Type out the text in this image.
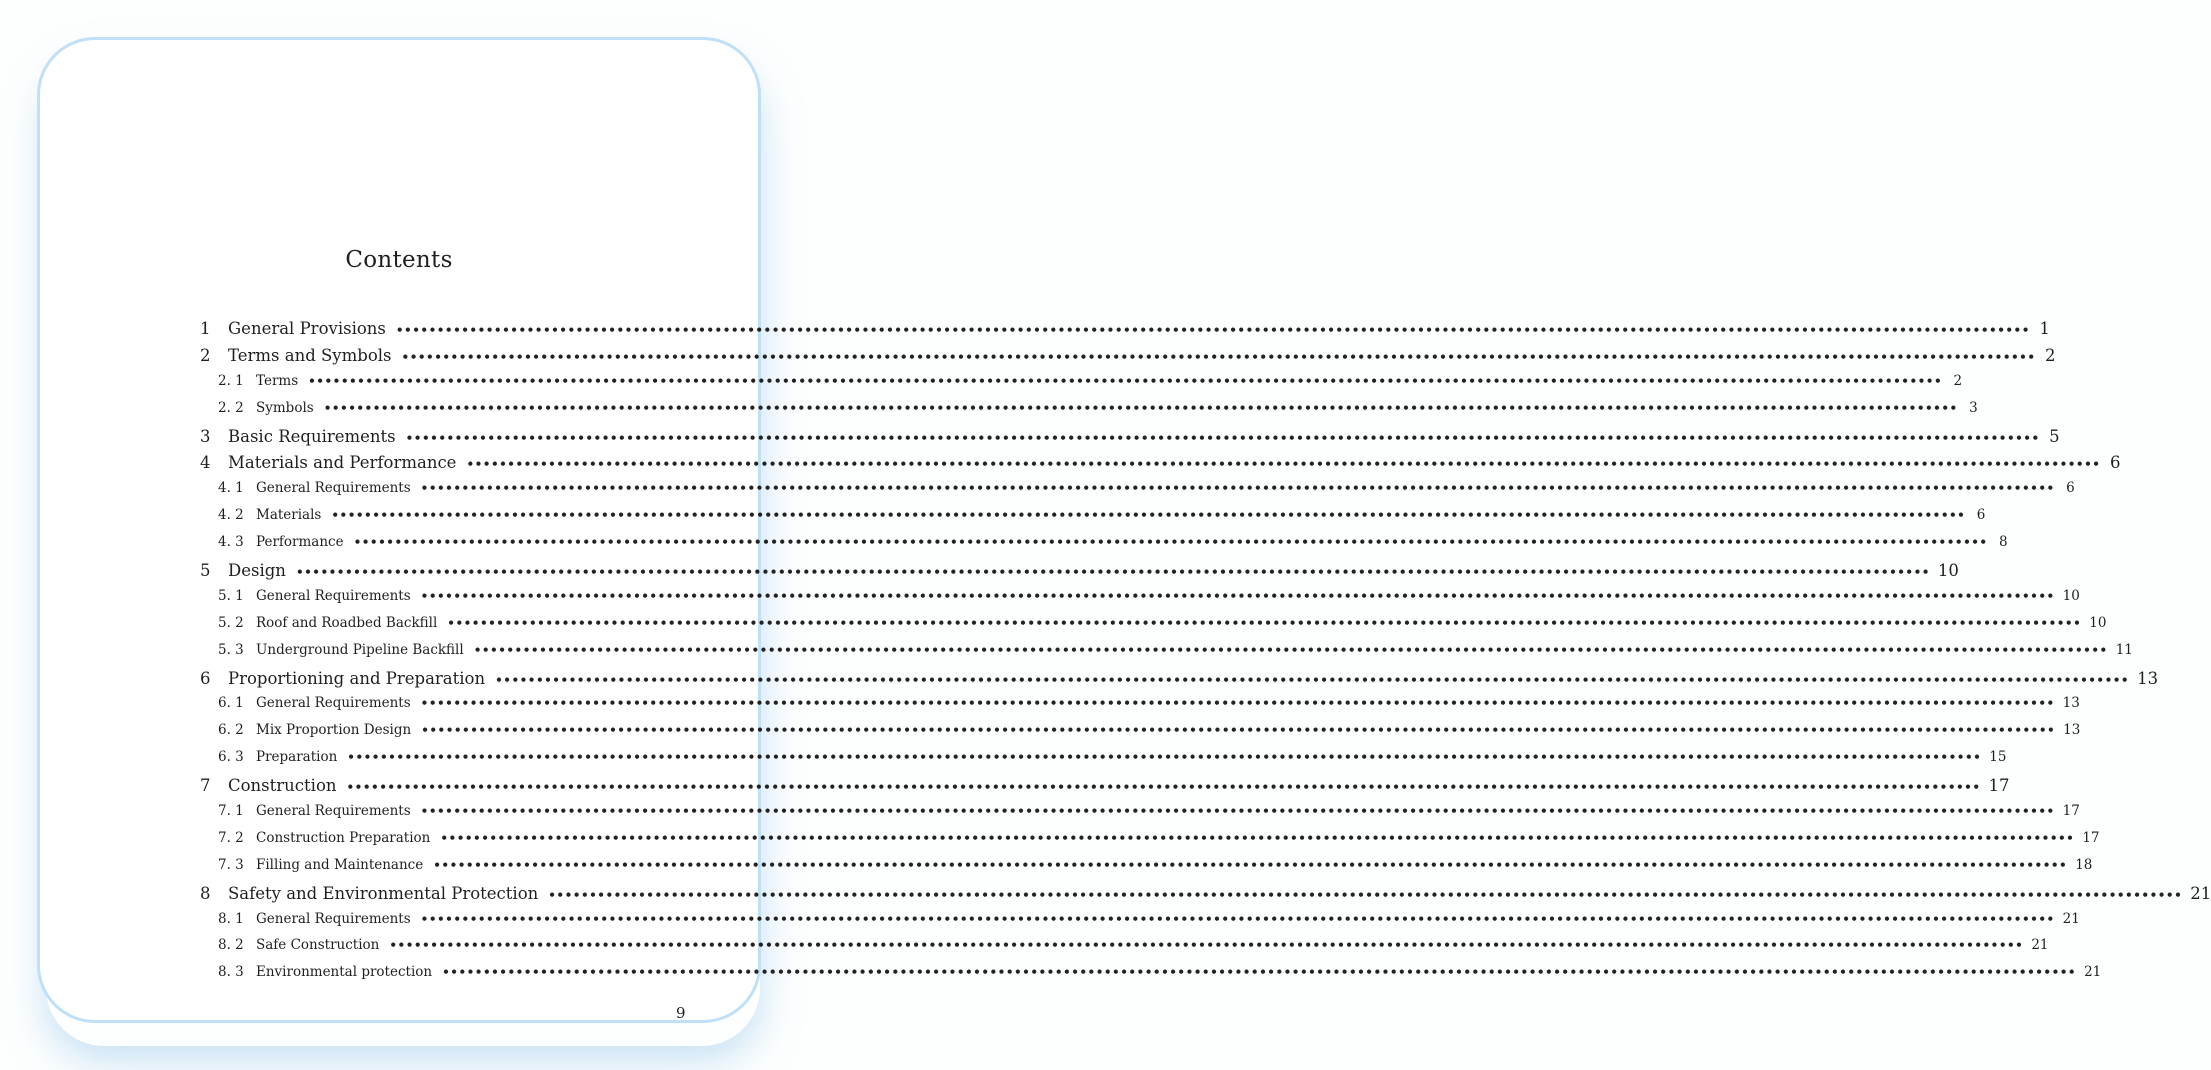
Contents
1	General Provisions •••••••••••••••••••••••••••••••••••••••••••••••••••••••••••••••••••••••••••••••••••••••••••••••••••••••••••••••••••••••••••••••••••••••••••••••••••••••••••••••••••••••••••••••••••••••••••••••••••••••• 1
2	Terms and Symbols •••••••••••••••••••••••••••••••••••••••••••••••••••••••••••••••••••••••••••••••••••••••••••••••••••••••••••••••••••••••••••••••••••••••••••••••••••••••••••••••••••••••••••••••••••••••••••••••••••••••• 2
2. 1 Terms •••••••••••••••••••••••••••••••••••••••••••••••••••••••••••••••••••••••••••••••••••••••••••••••••••••••••••••••••••••••••••••••••••••••••••••••••••••••••••••••••••••••••••••••••••••••••••••••••••••••• 2
2. 2 Symbols •••••••••••••••••••••••••••••••••••••••••••••••••••••••••••••••••••••••••••••••••••••••••••••••••••••••••••••••••••••••••••••••••••••••••••••••••••••••••••••••••••••••••••••••••••••••••••••••••••••••• 3
3	Basic Requirements •••••••••••••••••••••••••••••••••••••••••••••••••••••••••••••••••••••••••••••••••••••••••••••••••••••••••••••••••••••••••••••••••••••••••••••••••••••••••••••••••••••••••••••••••••••••••••••••••••••••• 5
4	Materials and Performance •••••••••••••••••••••••••••••••••••••••••••••••••••••••••••••••••••••••••••••••••••••••••••••••••••••••••••••••••••••••••••••••••••••••••••••••••••••••••••••••••••••••••••••••••••••••••••••••••••••••• 6
4. 1 General Requirements •••••••••••••••••••••••••••••••••••••••••••••••••••••••••••••••••••••••••••••••••••••••••••••••••••••••••••••••••••••••••••••••••••••••••••••••••••••••••••••••••••••••••••••••••••••••••••••••••••••••• 6
4. 2 Materials •••••••••••••••••••••••••••••••••••••••••••••••••••••••••••••••••••••••••••••••••••••••••••••••••••••••••••••••••••••••••••••••••••••••••••••••••••••••••••••••••••••••••••••••••••••••••••••••••••••••• 6
4. 3 Performance •••••••••••••••••••••••••••••••••••••••••••••••••••••••••••••••••••••••••••••••••••••••••••••••••••••••••••••••••••••••••••••••••••••••••••••••••••••••••••••••••••••••••••••••••••••••••••••••••••••••• 8
5	Design •••••••••••••••••••••••••••••••••••••••••••••••••••••••••••••••••••••••••••••••••••••••••••••••••••••••••••••••••••••••••••••••••••••••••••••••••••••••••••••••••••••••••••••••••••••••••••••••••••••••• 10
5. 1 General Requirements •••••••••••••••••••••••••••••••••••••••••••••••••••••••••••••••••••••••••••••••••••••••••••••••••••••••••••••••••••••••••••••••••••••••••••••••••••••••••••••••••••••••••••••••••••••••••••••••••••••••• 10
5. 2 Roof and Roadbed Backfill •••••••••••••••••••••••••••••••••••••••••••••••••••••••••••••••••••••••••••••••••••••••••••••••••••••••••••••••••••••••••••••••••••••••••••••••••••••••••••••••••••••••••••••••••••••••••••••••••••••••• 10
5. 3 Underground Pipeline Backfill •••••••••••••••••••••••••••••••••••••••••••••••••••••••••••••••••••••••••••••••••••••••••••••••••••••••••••••••••••••••••••••••••••••••••••••••••••••••••••••••••••••••••••••••••••••••••••••••••••••••• 11
6	Proportioning and Preparation •••••••••••••••••••••••••••••••••••••••••••••••••••••••••••••••••••••••••••••••••••••••••••••••••••••••••••••••••••••••••••••••••••••••••••••••••••••••••••••••••••••••••••••••••••••••••••••••••••••••• 13
6. 1 General Requirements •••••••••••••••••••••••••••••••••••••••••••••••••••••••••••••••••••••••••••••••••••••••••••••••••••••••••••••••••••••••••••••••••••••••••••••••••••••••••••••••••••••••••••••••••••••••••••••••••••••••• 13
6. 2 Mix Proportion Design •••••••••••••••••••••••••••••••••••••••••••••••••••••••••••••••••••••••••••••••••••••••••••••••••••••••••••••••••••••••••••••••••••••••••••••••••••••••••••••••••••••••••••••••••••••••••••••••••••••••• 13
6. 3 Preparation •••••••••••••••••••••••••••••••••••••••••••••••••••••••••••••••••••••••••••••••••••••••••••••••••••••••••••••••••••••••••••••••••••••••••••••••••••••••••••••••••••••••••••••••••••••••••••••••••••••••• 15
7	Construction •••••••••••••••••••••••••••••••••••••••••••••••••••••••••••••••••••••••••••••••••••••••••••••••••••••••••••••••••••••••••••••••••••••••••••••••••••••••••••••••••••••••••••••••••••••••••••••••••••••••• 17
7. 1 General Requirements •••••••••••••••••••••••••••••••••••••••••••••••••••••••••••••••••••••••••••••••••••••••••••••••••••••••••••••••••••••••••••••••••••••••••••••••••••••••••••••••••••••••••••••••••••••••••••••••••••••••• 17
7. 2 Construction Preparation •••••••••••••••••••••••••••••••••••••••••••••••••••••••••••••••••••••••••••••••••••••••••••••••••••••••••••••••••••••••••••••••••••••••••••••••••••••••••••••••••••••••••••••••••••••••••••••••••••••••• 17
7. 3 Filling and Maintenance •••••••••••••••••••••••••••••••••••••••••••••••••••••••••••••••••••••••••••••••••••••••••••••••••••••••••••••••••••••••••••••••••••••••••••••••••••••••••••••••••••••••••••••••••••••••••••••••••••••••• 18
8	Safety and Environmental Protection •••••••••••••••••••••••••••••••••••••••••••••••••••••••••••••••••••••••••••••••••••••••••••••••••••••••••••••••••••••••••••••••••••••••••••••••••••••••••••••••••••••••••••••••••••••••••••••••••••••••• 21
8. 1 General Requirements •••••••••••••••••••••••••••••••••••••••••••••••••••••••••••••••••••••••••••••••••••••••••••••••••••••••••••••••••••••••••••••••••••••••••••••••••••••••••••••••••••••••••••••••••••••••••••••••••••••••• 21
8. 2 Safe Construction •••••••••••••••••••••••••••••••••••••••••••••••••••••••••••••••••••••••••••••••••••••••••••••••••••••••••••••••••••••••••••••••••••••••••••••••••••••••••••••••••••••••••••••••••••••••••••••••••••••••• 21
8. 3 Environmental protection •••••••••••••••••••••••••••••••••••••••••••••••••••••••••••••••••••••••••••••••••••••••••••••••••••••••••••••••••••••••••••••••••••••••••••••••••••••••••••••••••••••••••••••••••••••••••••••••••••••••• 21
9
